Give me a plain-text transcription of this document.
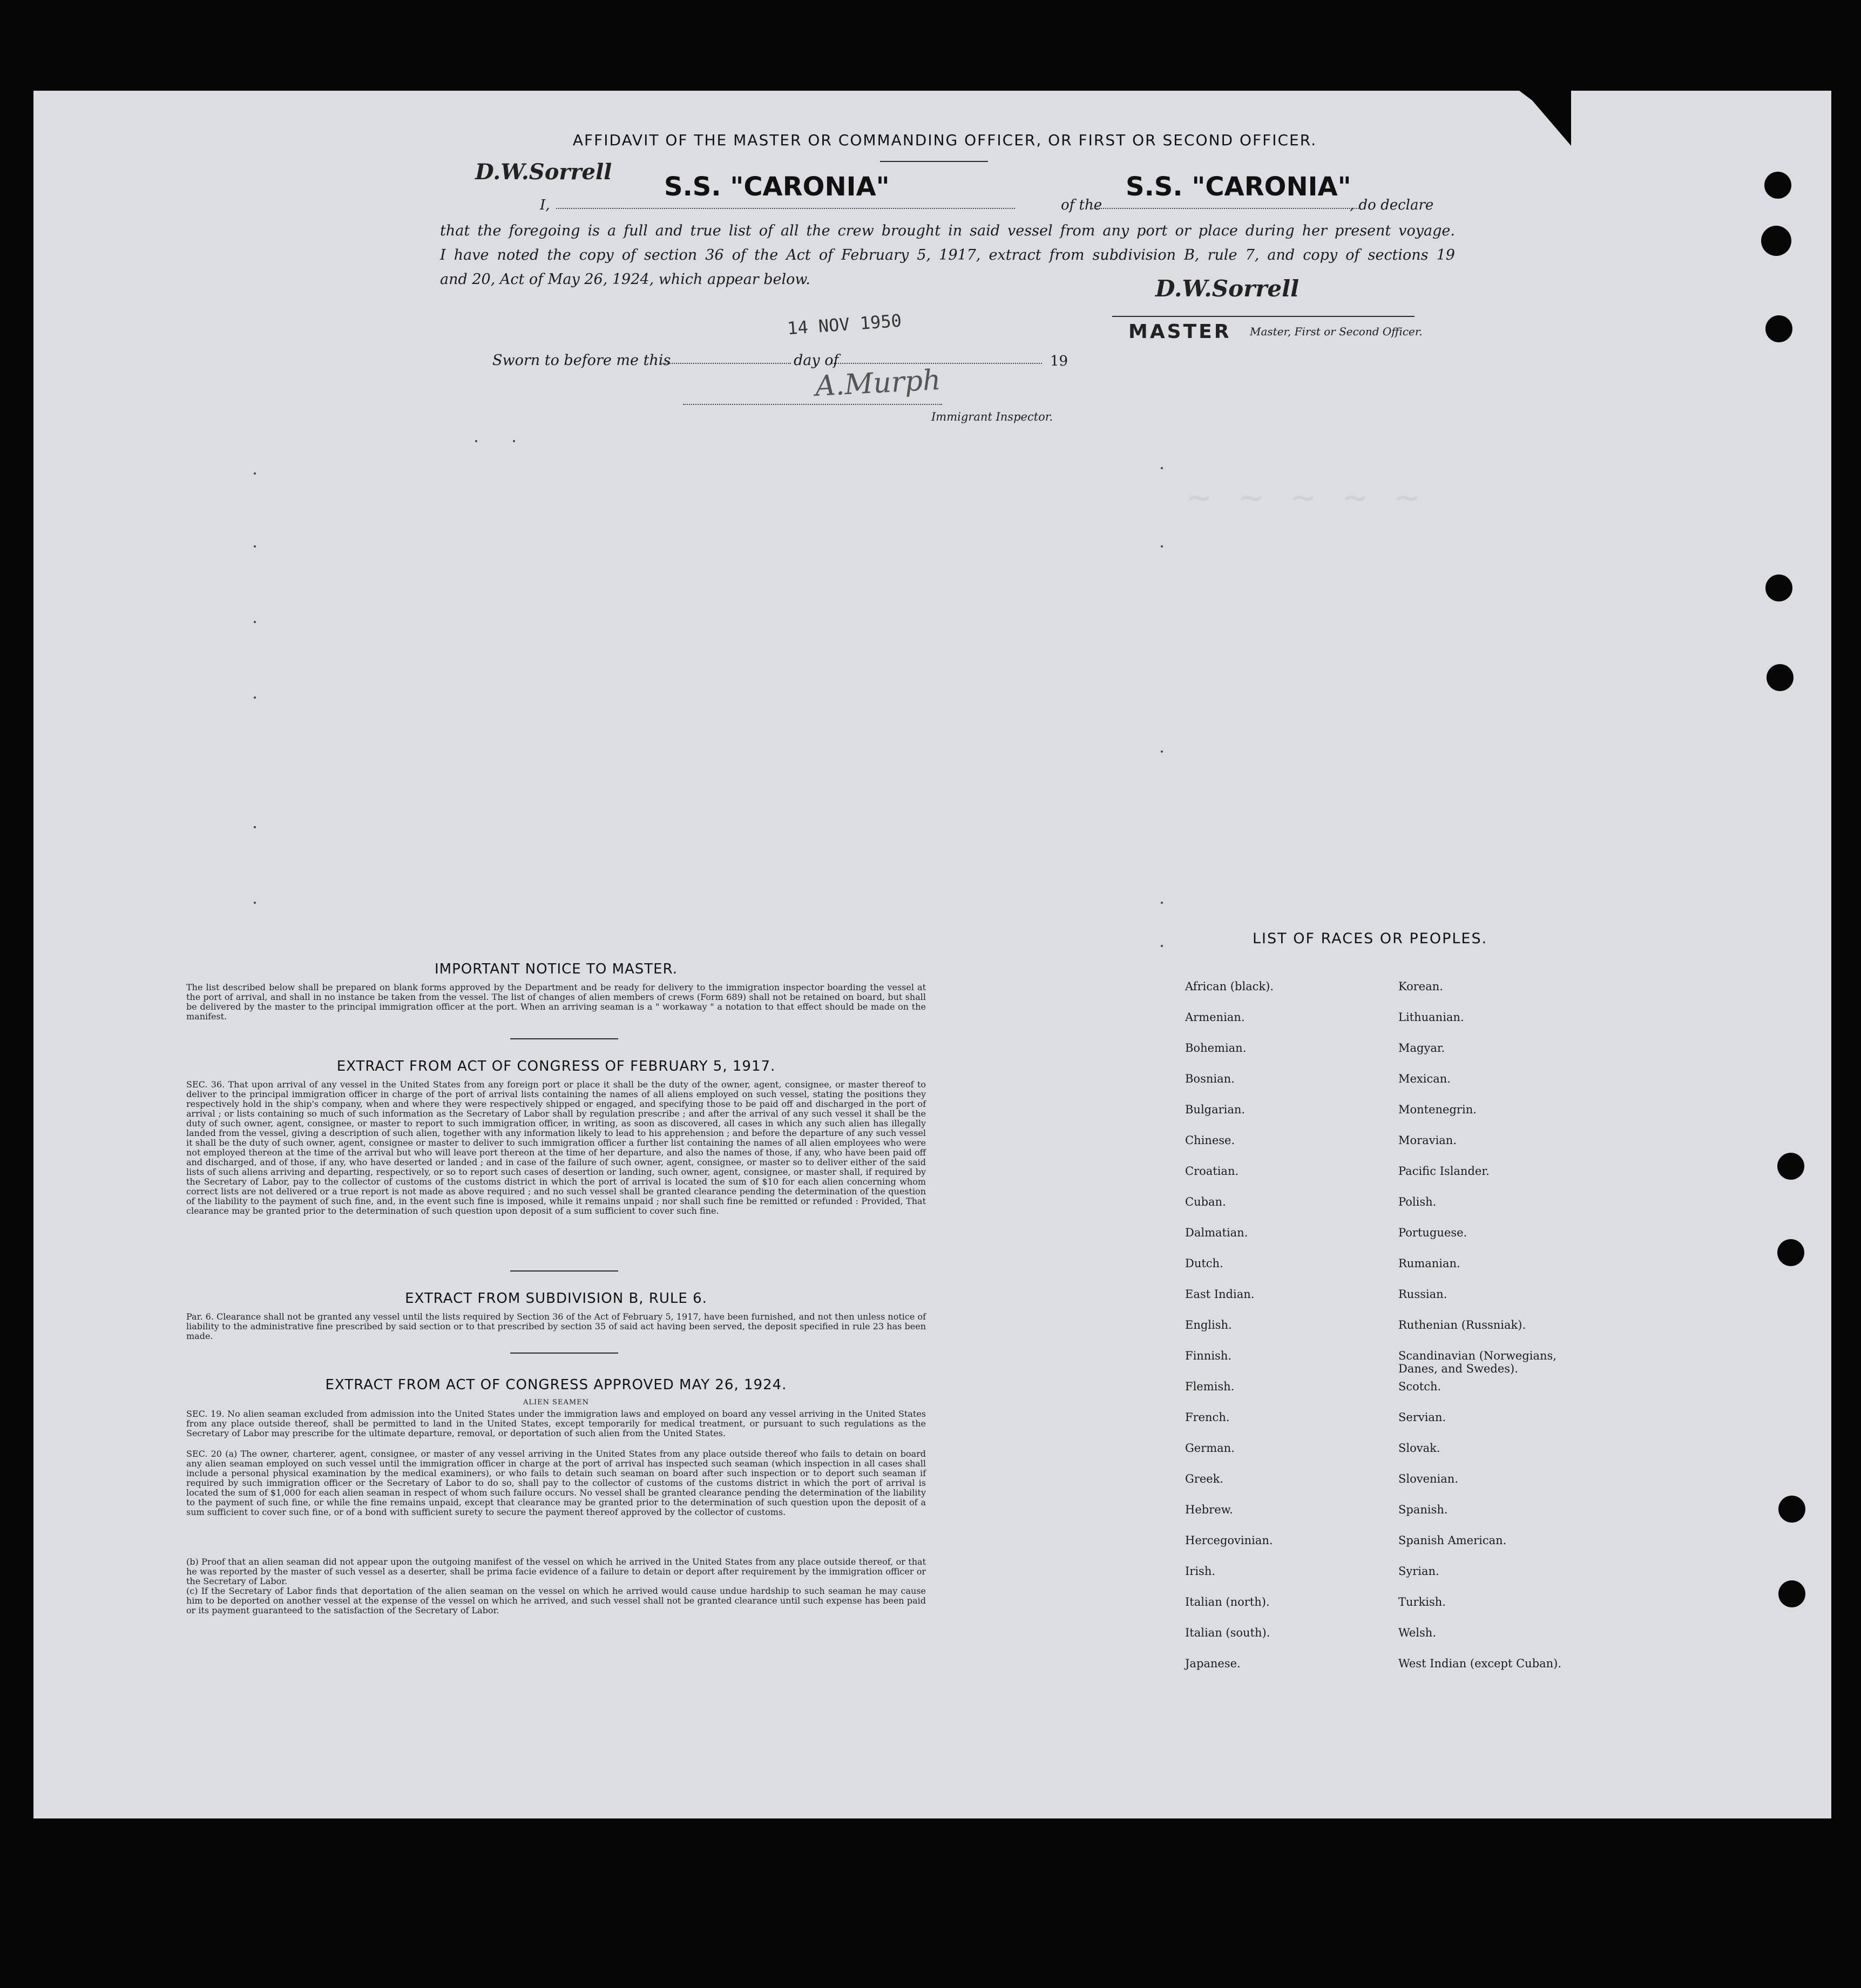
~ ~ ~ ~ ~
AFFIDAVIT OF THE MASTER OR COMMANDING OFFICER, OR FIRST OR SECOND OFFICER.
D.W.Sorrell
I,
S.S. "CARONIA"
of the
S.S. "CARONIA"
, do declare
that the foregoing is a full and true list of all the crew brought in said vessel from any port or place during her present voyage.
I have noted the copy of section 36 of the Act of February 5, 1917, extract from subdivision B, rule 7, and copy of sections 19
and 20, Act of May 26, 1924, which appear below.	D.W.Sorrell
MASTER Master, First or Second Officer.
Sworn to before me this
14 NOV 1950
day of	19
A.Murph
Immigrant Inspector.
IMPORTANT NOTICE TO MASTER.
The list described below shall be prepared on blank forms approved by the Department and be ready for delivery to the immigration inspector boarding the vessel at the port of arrival, and shall in no instance be taken from the vessel. The list of changes of alien members of crews (Form 689) shall not be retained on board, but shall be delivered by the master to the principal immigration officer at the port. When an arriving seaman is a " workaway " a notation to that effect should be made on the manifest.
EXTRACT FROM ACT OF CONGRESS OF FEBRUARY 5, 1917.
SEC. 36. That upon arrival of any vessel in the United States from any foreign port or place it shall be the duty of the owner, agent, consignee, or master thereof to deliver to the principal immigration officer in charge of the port of arrival lists containing the names of all aliens employed on such vessel, stating the positions they respectively hold in the ship's company, when and where they were respectively shipped or engaged, and specifying those to be paid off and discharged in the port of arrival ; or lists containing so much of such information as the Secretary of Labor shall by regulation prescribe ; and after the arrival of any such vessel it shall be the duty of such owner, agent, consignee, or master to report to such immigration officer, in writing, as soon as discovered, all cases in which any such alien has illegally landed from the vessel, giving a description of such alien, together with any information likely to lead to his apprehension ; and before the departure of any such vessel it shall be the duty of such owner, agent, consignee or master to deliver to such immigration officer a further list containing the names of all alien employees who were not employed thereon at the time of the arrival but who will leave port thereon at the time of her departure, and also the names of those, if any, who have been paid off and discharged, and of those, if any, who have deserted or landed ; and in case of the failure of such owner, agent, consignee, or master so to deliver either of the said lists of such aliens arriving and departing, respectively, or so to report such cases of desertion or landing, such owner, agent, consignee, or master shall, if required by the Secretary of Labor, pay to the collector of customs of the customs district in which the port of arrival is located the sum of $10 for each alien concerning whom correct lists are not delivered or a true report is not made as above required ; and no such vessel shall be granted clearance pending the determination of the question of the liability to the payment of such fine, and, in the event such fine is imposed, while it remains unpaid ; nor shall such fine be remitted or refunded : Provided, That clearance may be granted prior to the determination of such question upon deposit of a sum sufficient to cover such fine.
EXTRACT FROM SUBDIVISION B, RULE 6.
Par. 6. Clearance shall not be granted any vessel until the lists required by Section 36 of the Act of February 5, 1917, have been furnished, and not then unless notice of liability to the administrative fine prescribed by said section or to that prescribed by section 35 of said act having been served, the deposit specified in rule 23 has been made.
EXTRACT FROM ACT OF CONGRESS APPROVED MAY 26, 1924.
ALIEN SEAMEN
SEC. 19. No alien seaman excluded from admission into the United States under the immigration laws and employed on board any vessel arriving in the United States from any place outside thereof, shall be permitted to land in the United States, except temporarily for medical treatment, or pursuant to such regulations as the Secretary of Labor may prescribe for the ultimate departure, removal, or deportation of such alien from the United States.
SEC. 20 (a) The owner, charterer, agent, consignee, or master of any vessel arriving in the United States from any place outside thereof who fails to detain on board any alien seaman employed on such vessel until the immigration officer in charge at the port of arrival has inspected such seaman (which inspection in all cases shall include a personal physical examination by the medical examiners), or who fails to detain such seaman on board after such inspection or to deport such seaman if required by such immigration officer or the Secretary of Labor to do so, shall pay to the collector of customs of the customs district in which the port of arrival is located the sum of $1,000 for each alien seaman in respect of whom such failure occurs. No vessel shall be granted clearance pending the determination of the liability to the payment of such fine, or while the fine remains unpaid, except that clearance may be granted prior to the determination of such question upon the deposit of a sum sufficient to cover such fine, or of a bond with sufficient surety to secure the payment thereof approved by the collector of customs.
(b) Proof that an alien seaman did not appear upon the outgoing manifest of the vessel on which he arrived in the United States from any place outside thereof, or that he was reported by the master of such vessel as a deserter, shall be prima facie evidence of a failure to detain or deport after requirement by the immigration officer or the Secretary of Labor.
(c) If the Secretary of Labor finds that deportation of the alien seaman on the vessel on which he arrived would cause undue hardship to such seaman he may cause him to be deported on another vessel at the expense of the vessel on which he arrived, and such vessel shall not be granted clearance until such expense has been paid or its payment guaranteed to the satisfaction of the Secretary of Labor.
LIST OF RACES OR PEOPLES.
African (black).
Armenian.
Bohemian.
Bosnian.
Bulgarian.
Chinese.
Croatian.
Cuban.
Dalmatian.
Dutch.
East Indian.
English.
Finnish.
Flemish.
French.
German.
Greek.
Hebrew.
Hercegovinian.
Irish.
Italian (north).
Italian (south).
Japanese.
Korean.
Lithuanian.
Magyar.
Mexican.
Montenegrin.
Moravian.
Pacific Islander.
Polish.
Portuguese.
Rumanian.
Russian.
Ruthenian (Russniak).
Scandinavian (Norwegians,
Danes, and Swedes).
Scotch.
Servian.
Slovak.
Slovenian.
Spanish.
Spanish American.
Syrian.
Turkish.
Welsh.
West Indian (except Cuban).
